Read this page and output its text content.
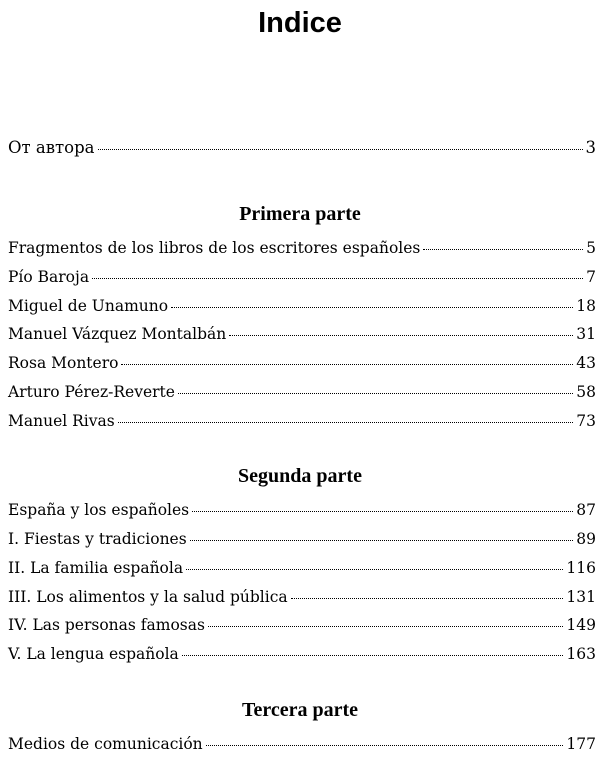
Indice
От автора	3
Primera parte
Fragmentos de los libros de los escritores españoles	5
Pío Baroja	7
Miguel de Unamuno	18
Manuel Vázquez Montalbán	31
Rosa Montero	43
Arturo Pérez-Reverte	58
Manuel Rivas	73
Segunda parte
España y los españoles	87
I. Fiestas y tradiciones	89
II. La familia española	116
III. Los alimentos y la salud pública	131
IV. Las personas famosas	149
V. La lengua española	163
Tercera parte
Medios de comunicación	177
